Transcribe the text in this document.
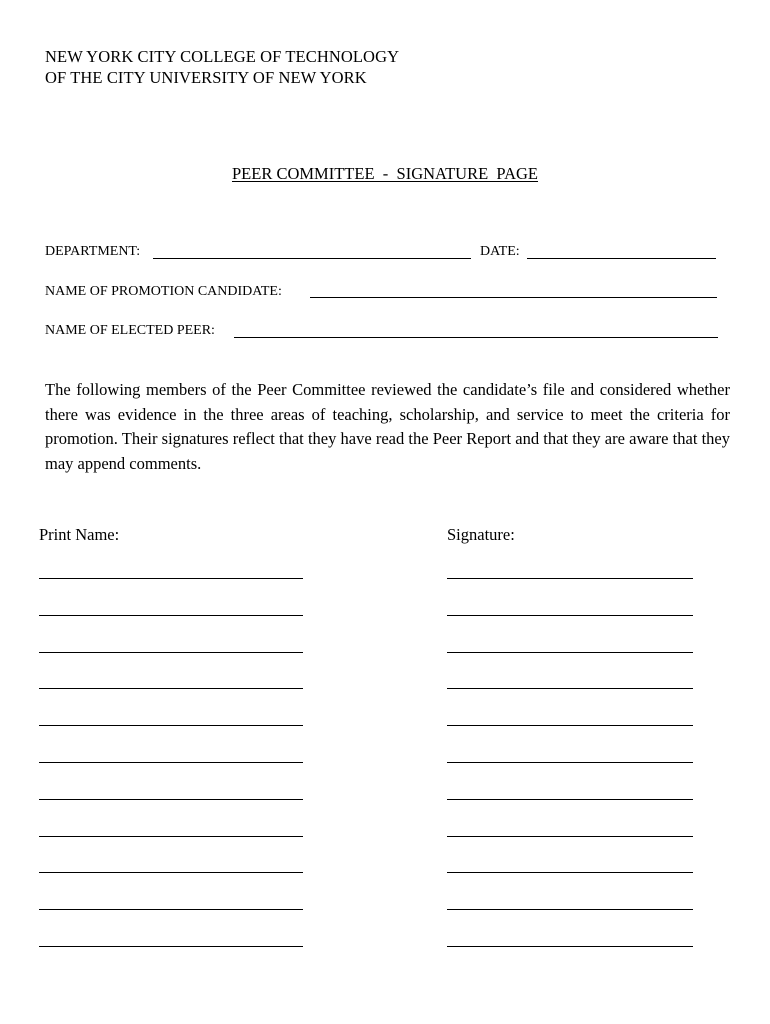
NEW YORK CITY COLLEGE OF TECHNOLOGY
OF THE CITY UNIVERSITY OF NEW YORK
PEER COMMITTEE  -  SIGNATURE  PAGE
DEPARTMENT:	DATE:
NAME OF PROMOTION CANDIDATE:
NAME OF ELECTED PEER:
The following members of the Peer Committee reviewed the candidate’s file and considered whether there was evidence in the three areas of teaching, scholarship, and service to meet the criteria for promotion. Their signatures reflect that they have read the Peer Report and that they are aware that they may append comments.
Print Name:	Signature:
